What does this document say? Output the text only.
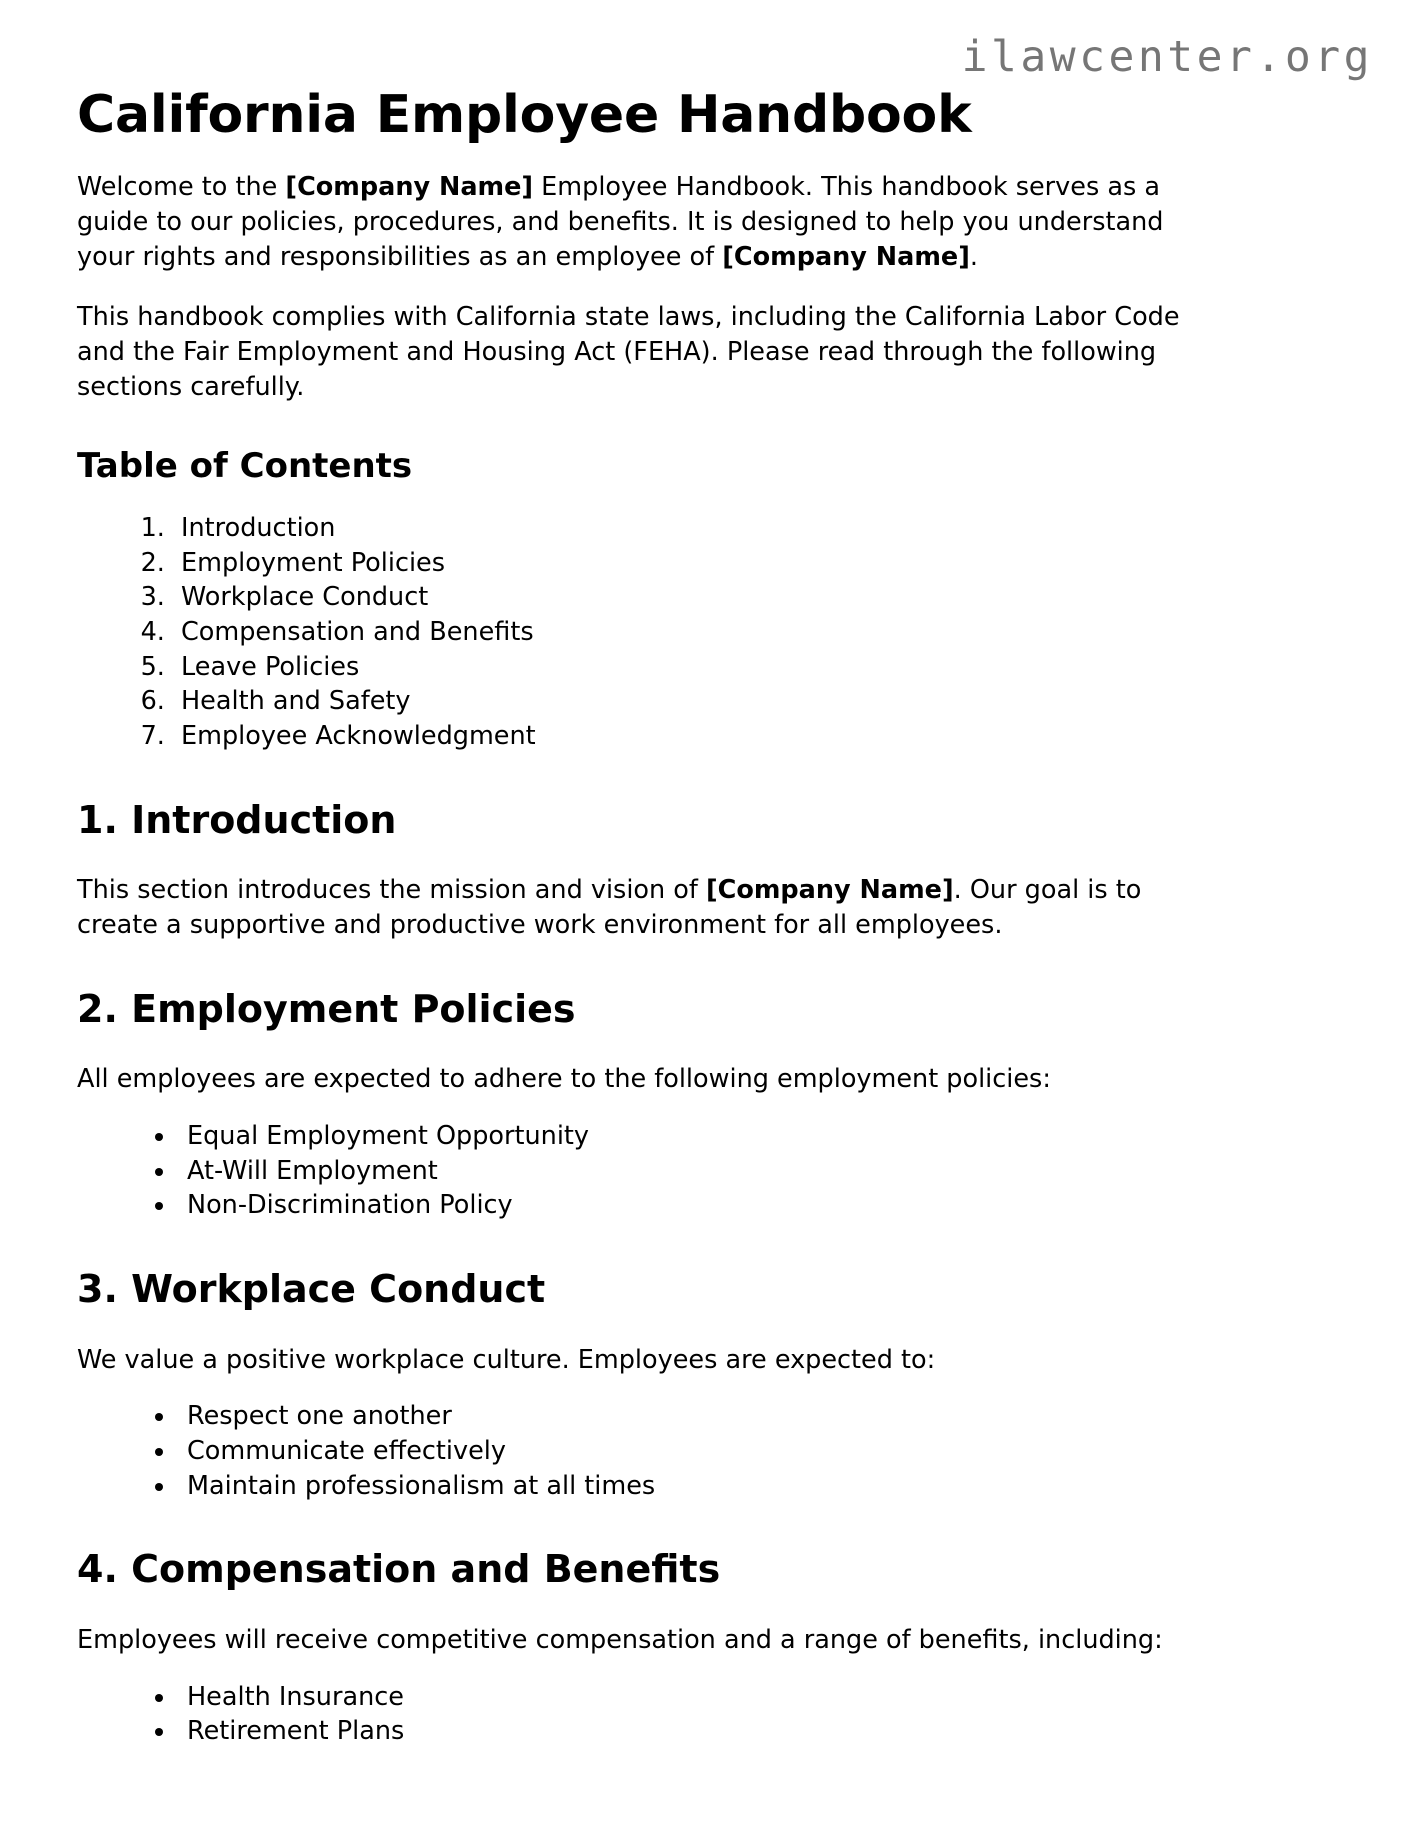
ilawcenter.org
California Employee Handbook

Welcome to the [Company Name] Employee Handbook. This handbook serves as a guide to our policies, procedures, and benefits. It is designed to help you understand your rights and responsibilities as an employee of [Company Name].

This handbook complies with California state laws, including the California Labor Code and the Fair Employment and Housing Act (FEHA). Please read through the following sections carefully.

Table of Contents
1. Introduction
2. Employment Policies
3. Workplace Conduct
4. Compensation and Benefits
5. Leave Policies
6. Health and Safety
7. Employee Acknowledgment
1. Introduction

This section introduces the mission and vision of [Company Name]. Our goal is to create a supportive and productive work environment for all employees.

2. Employment Policies

All employees are expected to adhere to the following employment policies:

• Equal Employment Opportunity
• At-Will Employment
• Non-Discrimination Policy
3. Workplace Conduct

We value a positive workplace culture. Employees are expected to:

• Respect one another
• Communicate effectively
• Maintain professionalism at all times
4. Compensation and Benefits

Employees will receive competitive compensation and a range of benefits, including:

• Health Insurance
• Retirement Plans
